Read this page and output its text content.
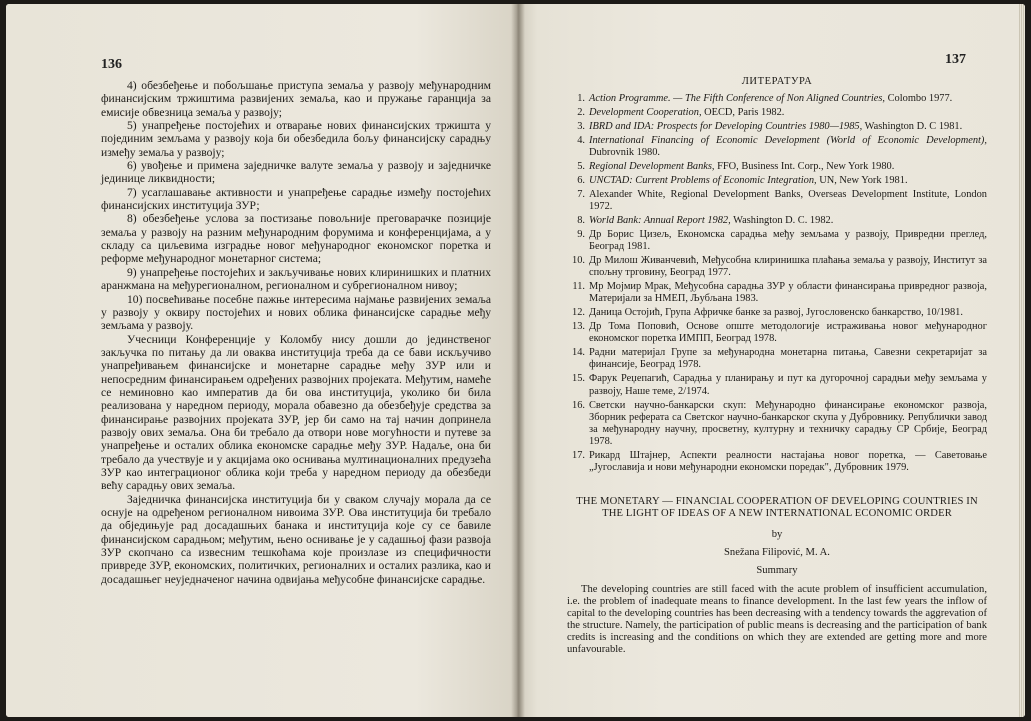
136

4) обезбеђење и побољшање приступа земаља у развоју међународним финансијским тржиштима развијених земаља, као и пружање гаранција за емисије обвезница земаља у развоју;

5) унапређење постојећих и отварање нових финансијских тржишта у појединим земљама у развоју која би обезбедила бољу финансијску сарадњу између земаља у развоју;

6) увођење и примена заједничке валуте земаља у развоју и заједничке јединице ликвидности;

7) усаглашавање активности и унапређење сарадње између постојећих финансијских институција ЗУР;

8) обезбеђење услова за постизање повољније преговарачке позиције земаља у развоју на разним међународним форумима и конференцијама, а у складу са циљевима изградње новог међународног економског поретка и реформе међународног монетарног система;

9) унапређење постојећих и закључивање нових клиринишких и платних аранжмана на међурегионалном, регионалном и субрегионалном нивоу;

10) посвећивање посебне пажње интересима најмање развијених земаља у развоју у оквиру постојећих и нових облика финансијске сарадње међу земљама у развоју.

Учесници Конференције у Коломбу нису дошли до јединственог закључка по питању да ли оваква институција треба да се бави искључиво унапређивањем финансијске и монетарне сарадње међу ЗУР или и непосредним финансирањем одређених развојних пројеката. Међутим, намеће се неминовно као императив да би ова институција, уколико би била реализована у наредном периоду, морала обавезно да обезбеђује средства за финансирање развојних пројеката ЗУР, јер би само на тај начин допринела развоју ових земаља. Она би требало да отвори нове могућности и путеве за унапређење и осталих облика економске сарадње међу ЗУР. Надаље, она би требало да учествује и у акцијама око оснивања мултинационалних предузећа ЗУР као интеграционог облика који треба у наредном периоду да обезбеди већу сарадњу ових земаља.

Заједничка финансијска институција би у сваком случају морала да се оснује на одређеном регионалном нивоима ЗУР. Ова институција би требало да обједињује рад досадашњих банака и институција које су се бавиле финансијском сарадњом; међутим, њено оснивање је у садашњој фази развоја ЗУР скопчано са извесним тешкоћама које произлазе из специфичности привреде ЗУР, економских, политичких, регионалних и осталих разлика, као и досадашњег неуједначеног начина одвијања међусобне финансијске сарадње.

137
ЛИТЕРАТУРА
1. Action Programme. — The Fifth Conference of Non Aligned Countries, Colombo 1977.
2. Development Cooperation, OECD, Paris 1982.
3. IBRD and IDA: Prospects for Developing Countries 1980—1985, Washington D. C 1981.
4. International Financing of Economic Development (World of Economic Development), Dubrovnik 1980.
5. Regional Development Banks, FFO, Business Int. Corp., New York 1980.
6. UNCTAD: Current Problems of Economic Integration, UN, New York 1981.
7. Alexander White, Regional Development Banks, Overseas Development Institute, London 1972.
8. World Bank: Annual Report 1982, Washington D. C. 1982.
9. Др Борис Цизељ, Економска сарадња међу земљама у развоју, Привредни преглед, Београд 1981.
10. Др Милош Живанчевић, Међусобна клиринишка плаћања земаља у развоју, Институт за спољну трговину, Београд 1977.
11. Мр Мојмир Мрак, Међусобна сарадња ЗУР у области финансирања привредног развоја, Материјали за НМЕП, Љубљана 1983.
12. Даница Остојић, Група Афричке банке за развој, Југословенско банкарство, 10/1981.
13. Др Тома Поповић, Основе опште методологије истраживања новог међународног економског поретка ИМПП, Београд 1978.
14. Радни материјал Групе за међународна монетарна питања, Савезни секретаријат за финансије, Београд 1978.
15. Фарук Реџепагић, Сарадња у планирању и пут ка дугорочној сарадњи међу земљама у развоју, Наше теме, 2/1974.
16. Светски научно-банкарски скуп: Међународно финансирање економског развоја, Зборник реферата са Светског научно-банкарског скупа у Дубровнику. Републички завод за међународну научну, просветну, културну и техничку сарадњу СР Србије, Београд 1978.
17. Рикард Штајнер, Аспекти реалности настајања новог поретка, — Саветовање „Југославија и нови међународни економски поредак", Дубровник 1979.
THE MONETARY — FINANCIAL COOPERATION OF DEVELOPING COUNTRIES IN THE LIGHT OF IDEAS OF A NEW INTERNATIONAL ECONOMIC ORDER
by
Snežana Filipović, M. A.
Summary
The developing countries are still faced with the acute problem of insufficient accumulation, i.e. the problem of inadequate means to finance development. In the last few years the inflow of capital to the developing countries has been decreasing with a tendency towards the aggrevation of the structure. Namely, the participation of public means is decreasing and the participation of bank credits is increasing and the conditions on which they are extended are getting more and more unfavourable.
